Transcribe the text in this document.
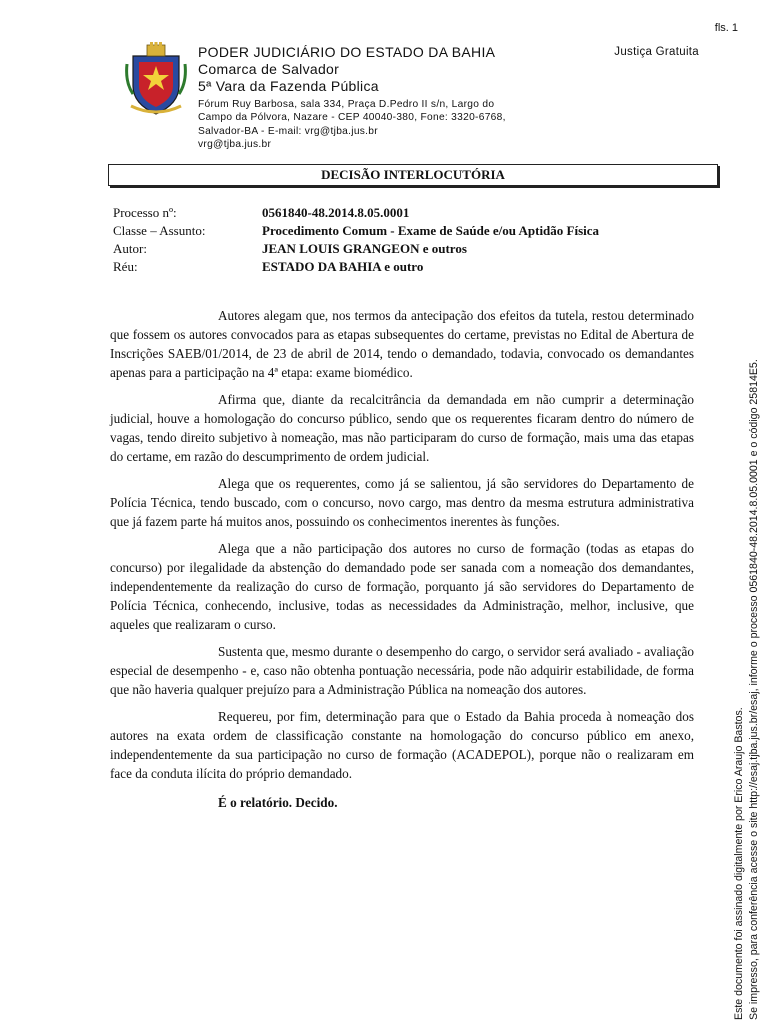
fls. 1
PODER JUDICIÁRIO DO ESTADO DA BAHIA
Comarca de Salvador
5ª Vara da Fazenda Pública
Fórum Ruy Barbosa, sala 334, Praça D.Pedro II s/n, Largo do
Campo da Pólvora, Nazare - CEP 40040-380, Fone: 3320-6768,
Salvador-BA - E-mail: vrg@tjba.jus.br
vrg@tjba.jus.br
Justiça Gratuita
DECISÃO INTERLOCUTÓRIA
Processo nº:	0561840-48.2014.8.05.0001
Classe – Assunto:	Procedimento Comum - Exame de Saúde e/ou Aptidão Física
Autor:	JEAN LOUIS GRANGEON e outros
Réu:	ESTADO DA BAHIA e outro

Autores alegam que, nos termos da antecipação dos efeitos da tutela, restou determinado que fossem os autores convocados para as etapas subsequentes do certame, previstas no Edital de Abertura de Inscrições SAEB/01/2014, de 23 de abril de 2014, tendo o demandado, todavia, convocado os demandantes apenas para a participação na 4ª etapa: exame biomédico.

Afirma que, diante da recalcitrância da demandada em não cumprir a determinação judicial, houve a homologação do concurso público, sendo que os requerentes ficaram dentro do número de vagas, tendo direito subjetivo à nomeação, mas não participaram do curso de formação, mais uma das etapas do certame, em razão do descumprimento de ordem judicial.

Alega que os requerentes, como já se salientou, já são servidores do Departamento de Polícia Técnica, tendo buscado, com o concurso, novo cargo, mas dentro da mesma estrutura administrativa que já fazem parte há muitos anos, possuindo os conhecimentos inerentes às funções.

Alega que a não participação dos autores no curso de formação (todas as etapas do concurso) por ilegalidade da abstenção do demandado pode ser sanada com a nomeação dos demandantes, independentemente da realização do curso de formação, porquanto já são servidores do Departamento de Polícia Técnica, conhecendo, inclusive, todas as necessidades da Administração, melhor, inclusive, que aqueles que realizaram o curso.

Sustenta que, mesmo durante o desempenho do cargo, o servidor será avaliado - avaliação especial de desempenho - e, caso não obtenha pontuação necessária, pode não adquirir estabilidade, de forma que não haveria qualquer prejuízo para a Administração Pública na nomeação dos autores.

Requereu, por fim, determinação para que o Estado da Bahia proceda à nomeação dos autores na exata ordem de classificação constante na homologação do concurso público em anexo, independentemente da sua participação no curso de formação (ACADEPOL), porque não o realizaram em face da conduta ilícita do próprio demandado.

É o relatório. Decido.	Este documento foi assinado digitalmente por Erico Araujo Bastos. Se impresso, para conferência acesse o site http://esaj.tjba.jus.br/esaj, informe o processo 0561840-48.2014.8.05.0001 e o código 25814E5.
